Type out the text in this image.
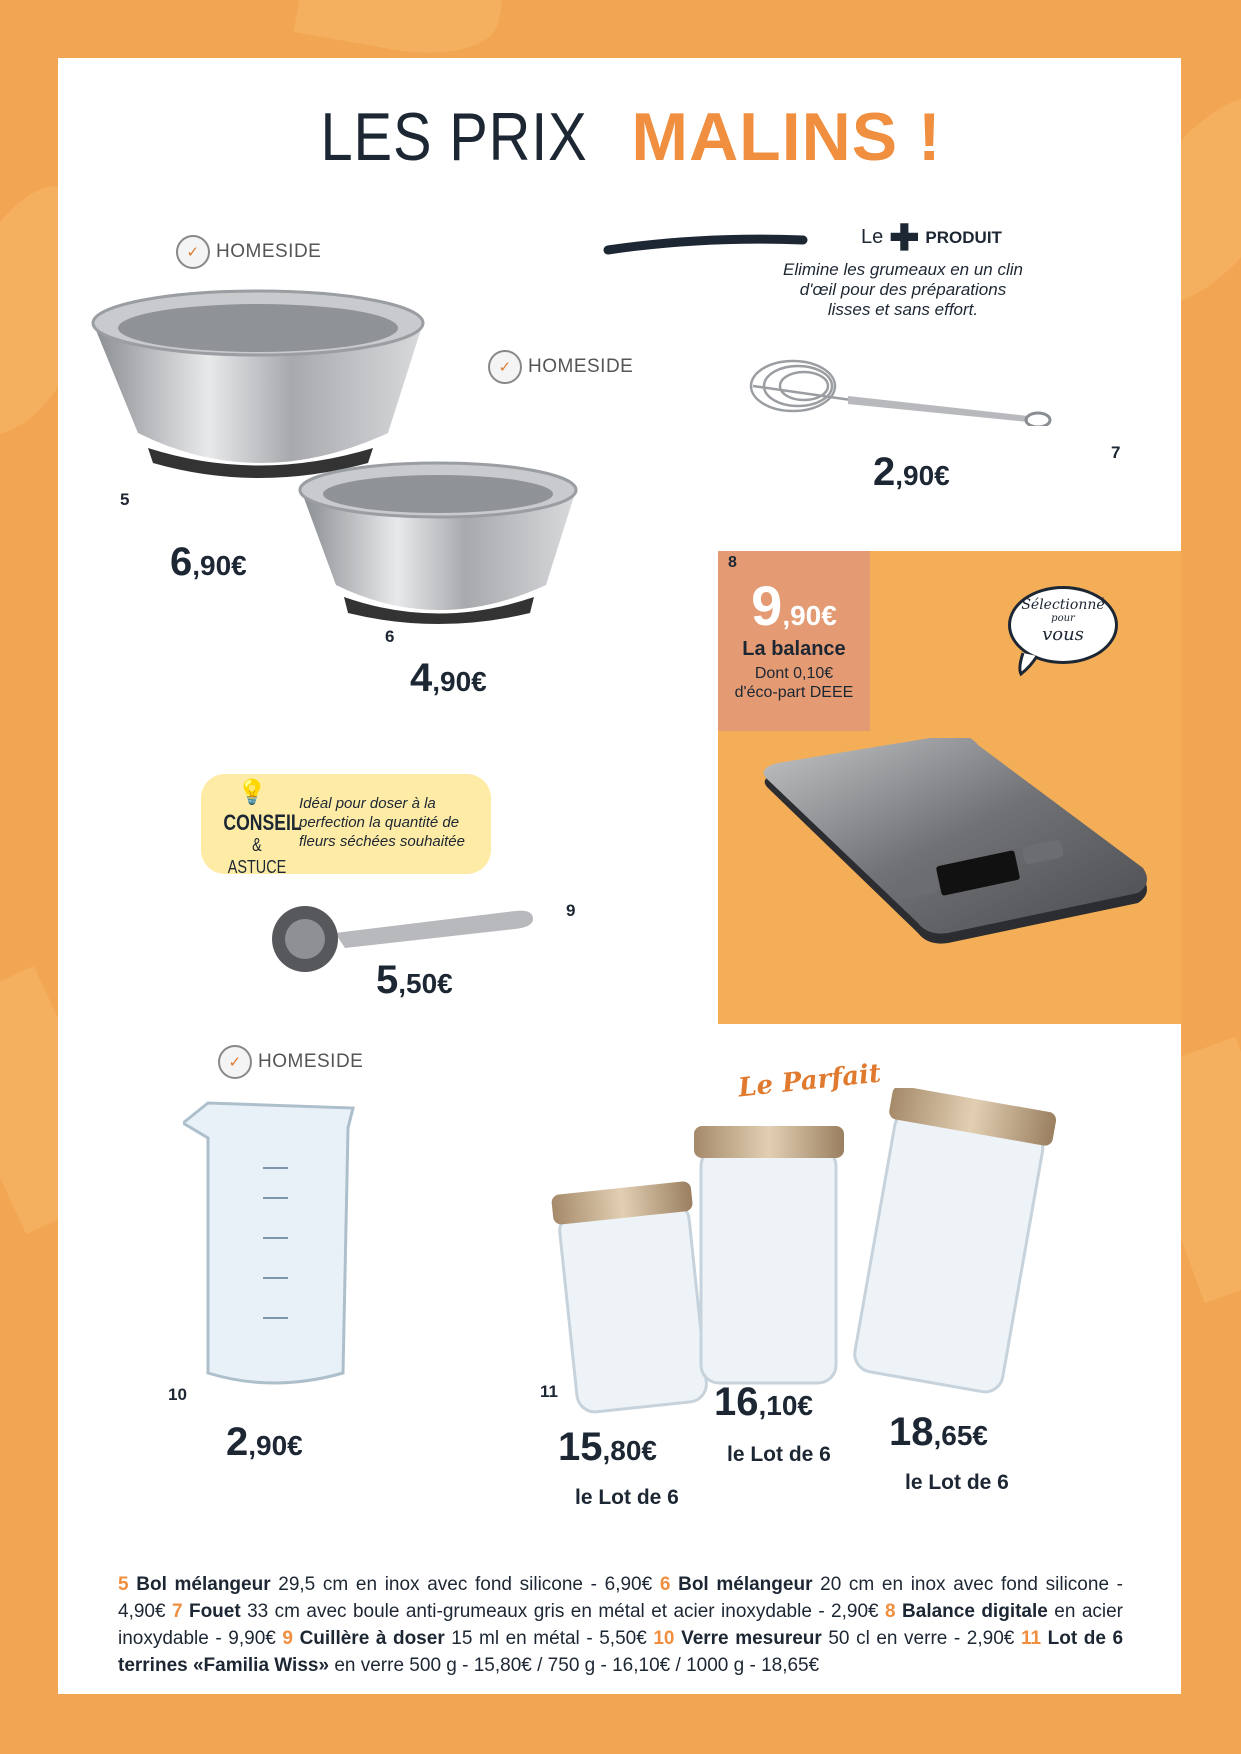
LES PRIX MALINS !
✓ HOMESIDE
5
6,90€
✓ HOMESIDE
6
4,90€
Le ✚ PRODUIT
Elimine les grumeaux en un clin
d'œil pour des préparations
lisses et sans effort.
7
2,90€
8
9,90€
La balance
Dont 0,10€
d'éco-part DEEE
Sélectionné
pour
vous
💡
CONSEIL
& ASTUCE
Idéal pour doser à la
perfection la quantité de
fleurs séchées souhaitée
9
5,50€
✓ HOMESIDE
10
2,90€
Le Parfait
11
15,80€
le Lot de 6
16,10€
le Lot de 6
18,65€
le Lot de 6
5 Bol mélangeur 29,5 cm en inox avec fond silicone - 6,90€ 6 Bol mélangeur 20 cm en inox avec fond silicone - 4,90€ 7 Fouet 33 cm avec boule anti-grumeaux gris en métal et acier inoxydable - 2,90€ 8 Balance digitale en acier inoxydable - 9,90€ 9 Cuillère à doser 15 ml en métal - 5,50€ 10 Verre mesureur 50 cl en verre - 2,90€ 11 Lot de 6 terrines «Familia Wiss» en verre 500 g - 15,80€ / 750 g - 16,10€ / 1000 g - 18,65€
